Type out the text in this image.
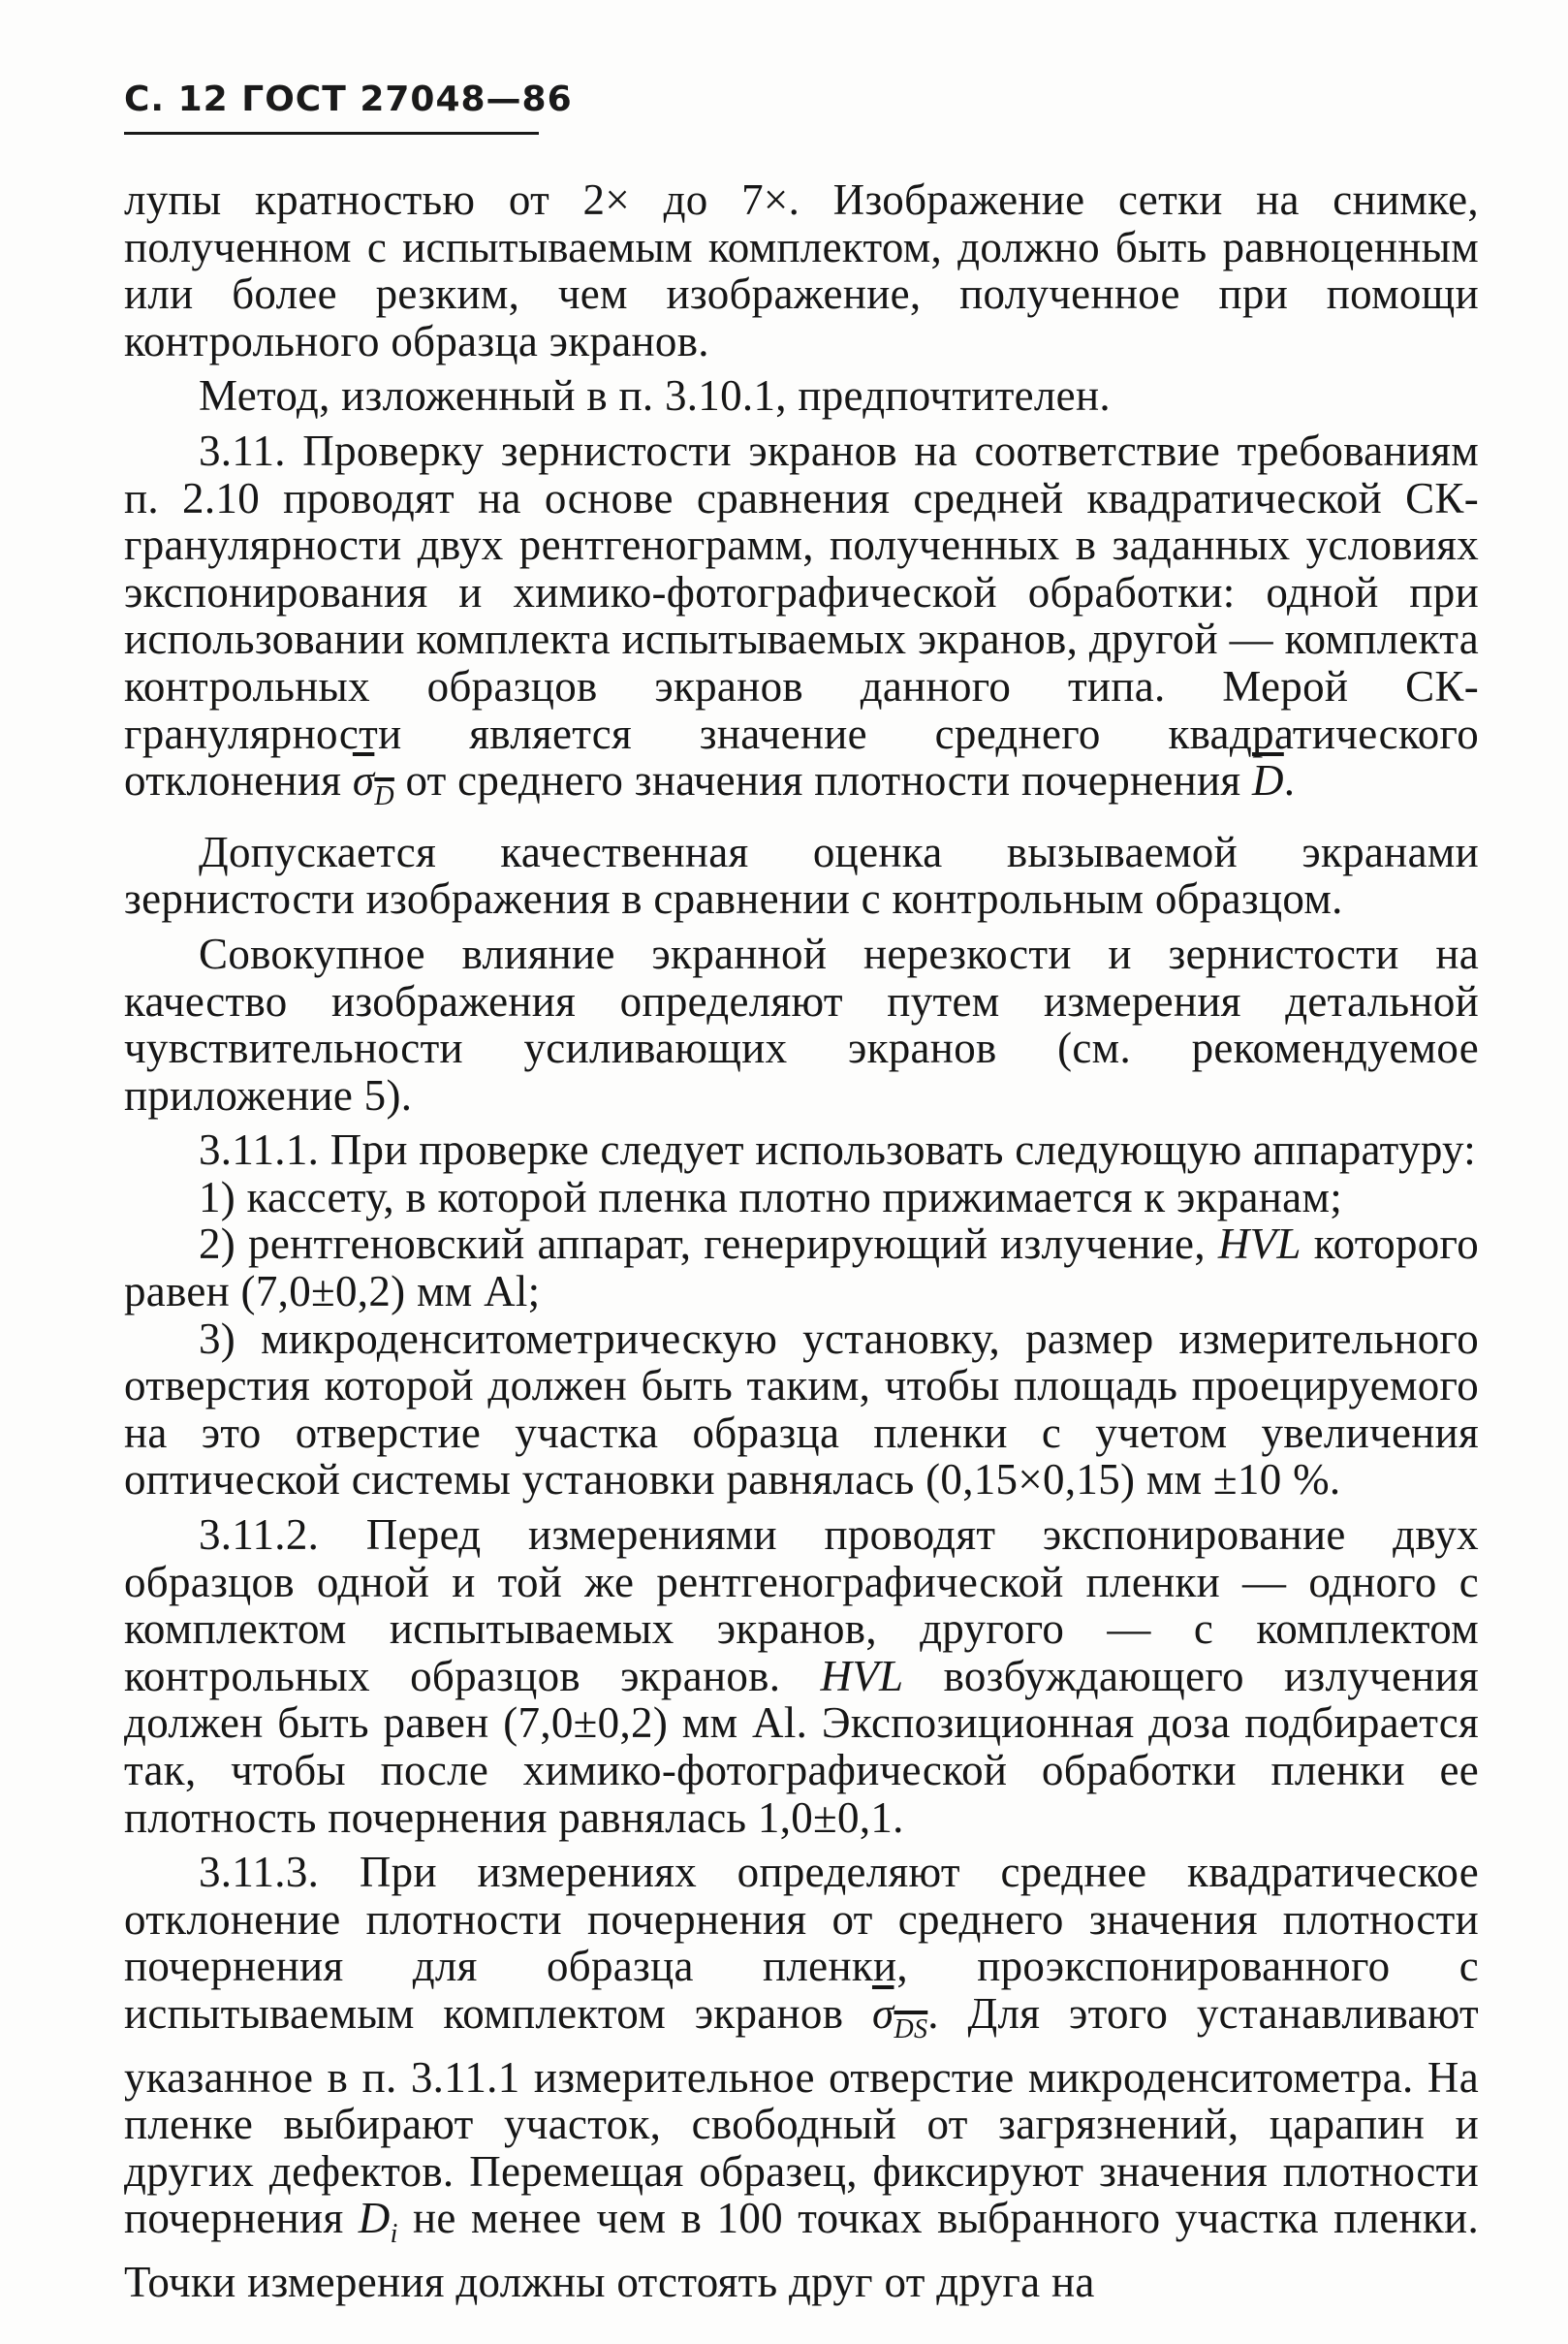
С. 12 ГОСТ 27048—86

лупы кратностью от 2× до 7×. Изображение сетки на снимке, полученном с испытываемым комплектом, должно быть равноценным или более резким, чем изображение, полученное при помощи контрольного образца экранов.

Метод, изложенный в п. 3.10.1, предпочтителен.

3.11. Проверку зернистости экранов на соответствие требованиям п. 2.10 проводят на основе сравнения средней квадратической СК-гранулярности двух рентгенограмм, полученных в заданных условиях экспонирования и химико-фотографической обработки: одной при использовании комплекта испытываемых экранов, другой — комплекта контрольных образцов экранов данного типа. Мерой СК-гранулярности является значение среднего квадратического отклонения $\sigma_D$ от среднего значения плотности почернения $\overline{D}$.

Допускается качественная оценка вызываемой экранами зернистости изображения в сравнении с контрольным образцом.

Совокупное влияние экранной нерезкости и зернистости на качество изображения определяют путем измерения детальной чувствительности усиливающих экранов (см. рекомендуемое приложение 5).

3.11.1. При проверке следует использовать следующую аппаратуру:

1) кассету, в которой пленка плотно прижимается к экранам;

2) рентгеновский аппарат, генерирующий излучение, HVL которого равен (7,0±0,2) мм Al;

3) микроденситометрическую установку, размер измерительного отверстия которой должен быть таким, чтобы площадь проецируемого на это отверстие участка образца пленки с учетом увеличения оптической системы установки равнялась (0,15×0,15) мм ±10 %.

3.11.2. Перед измерениями проводят экспонирование двух образцов одной и той же рентгенографической пленки — одного с комплектом испытываемых экранов, другого — с комплектом контрольных образцов экранов. HVL возбуждающего излучения должен быть равен (7,0±0,2) мм Al. Экспозиционная доза подбирается так, чтобы после химико-фотографической обработки пленки ее плотность почернения равнялась 1,0±0,1.

3.11.3. При измерениях определяют среднее квадратическое отклонение плотности почернения от среднего значения плотности почернения для образца пленки, проэкспонированного с испытываемым комплектом экранов $\sigma_{DS}$. Для этого устанавливают указанное в п. 3.11.1 измерительное отверстие микроденситометра. На пленке выбирают участок, свободный от загрязнений, царапин и других дефектов. Перемещая образец, фиксируют значения плотности почернения $D_i$ не менее чем в 100 точках выбранного участка пленки. Точки измерения должны отстоять друг от друга на
